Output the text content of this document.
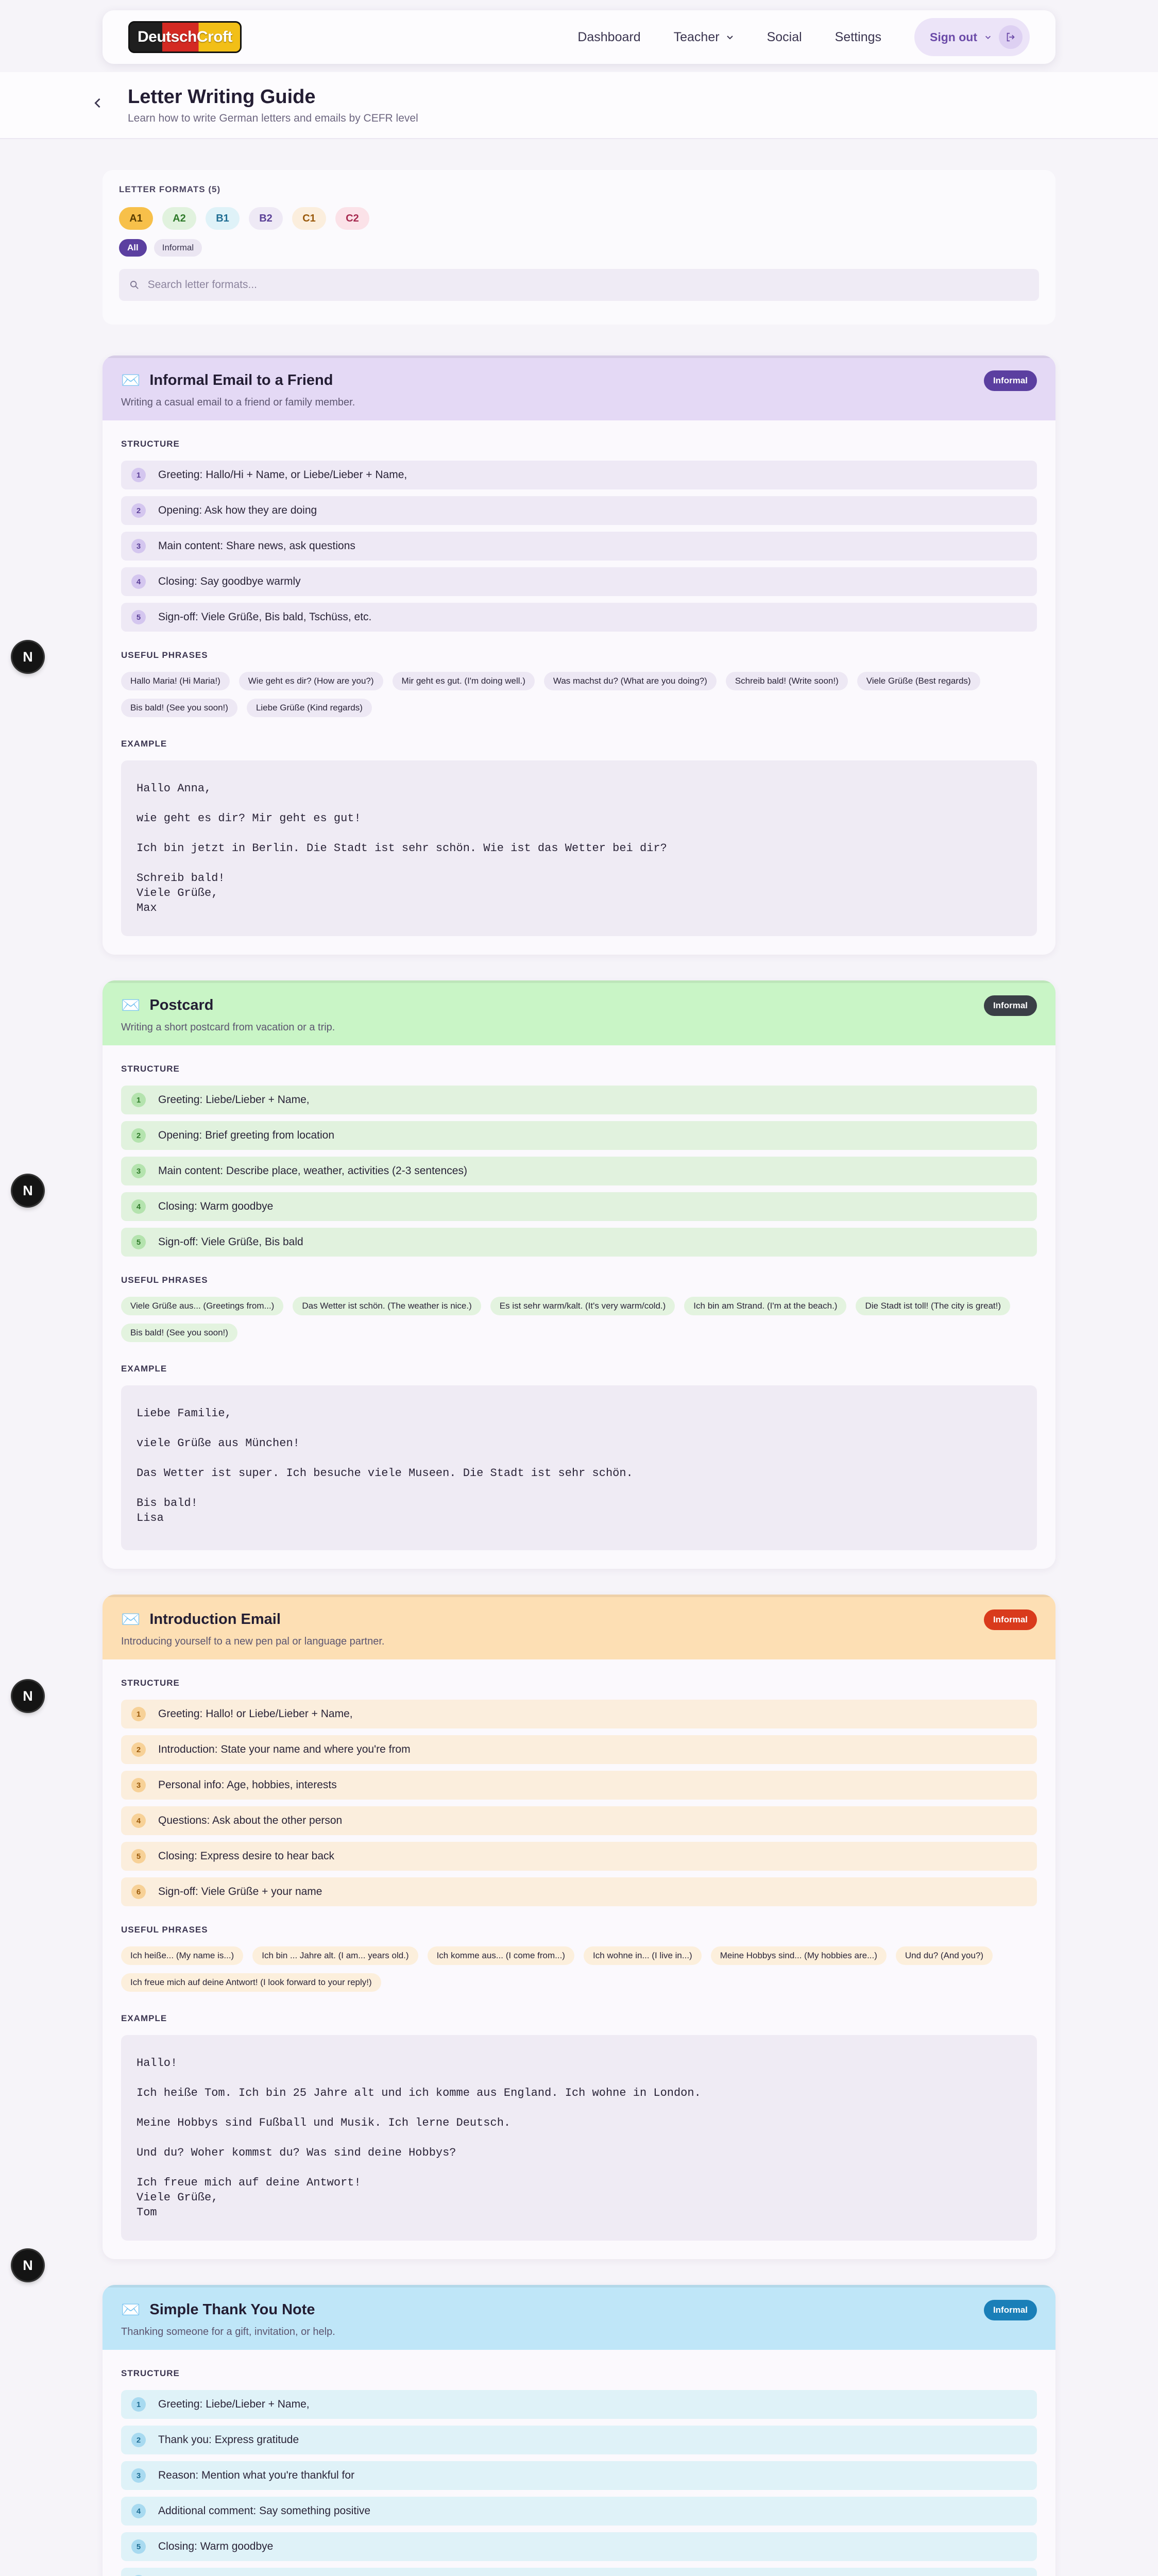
DeutschCroft	Dashboard	Teacher	Social	Settings	Sign out
Letter Writing Guide
Learn how to write German letters and emails by CEFR level
LETTER FORMATS (5)
A1	A2	B1	B2	C1	C2
All	Informal
Search letter formats...
✉️ Informal Email to a Friend
Writing a casual email to a friend or family member.
Informal
STRUCTURE
1	Greeting: Hallo/Hi + Name, or Liebe/Lieber + Name,
2	Opening: Ask how they are doing
3	Main content: Share news, ask questions
4	Closing: Say goodbye warmly
5	Sign-off: Viele Grüße, Bis bald, Tschüss, etc.
USEFUL PHRASES
Hallo Maria! (Hi Maria!)	Wie geht es dir? (How are you?)	Mir geht es gut. (I'm doing well.)	Was machst du? (What are you doing?)	Schreib bald! (Write soon!)	Viele Grüße (Best regards)
Bis bald! (See you soon!)	Liebe Grüße (Kind regards)
EXAMPLE
Hallo Anna,

wie geht es dir? Mir geht es gut!

Ich bin jetzt in Berlin. Die Stadt ist sehr schön. Wie ist das Wetter bei dir?

Schreib bald!
Viele Grüße,
Max
✉️ Postcard
Writing a short postcard from vacation or a trip.
Informal
STRUCTURE
1	Greeting: Liebe/Lieber + Name,
2	Opening: Brief greeting from location
3	Main content: Describe place, weather, activities (2-3 sentences)
4	Closing: Warm goodbye
5	Sign-off: Viele Grüße, Bis bald
USEFUL PHRASES
Viele Grüße aus... (Greetings from...)	Das Wetter ist schön. (The weather is nice.)	Es ist sehr warm/kalt. (It's very warm/cold.)	Ich bin am Strand. (I'm at the beach.)	Die Stadt ist toll! (The city is great!)
Bis bald! (See you soon!)
EXAMPLE
Liebe Familie,

viele Grüße aus München!

Das Wetter ist super. Ich besuche viele Museen. Die Stadt ist sehr schön.

Bis bald!
Lisa
✉️ Introduction Email
Introducing yourself to a new pen pal or language partner.
Informal
STRUCTURE
1	Greeting: Hallo! or Liebe/Lieber + Name,
2	Introduction: State your name and where you're from
3	Personal info: Age, hobbies, interests
4	Questions: Ask about the other person
5	Closing: Express desire to hear back
6	Sign-off: Viele Grüße + your name
USEFUL PHRASES
Ich heiße... (My name is...)	Ich bin ... Jahre alt. (I am... years old.)	Ich komme aus... (I come from...)	Ich wohne in... (I live in...)	Meine Hobbys sind... (My hobbies are...)	Und du? (And you?)
Ich freue mich auf deine Antwort! (I look forward to your reply!)
EXAMPLE
Hallo!

Ich heiße Tom. Ich bin 25 Jahre alt und ich komme aus England. Ich wohne in London.

Meine Hobbys sind Fußball und Musik. Ich lerne Deutsch.

Und du? Woher kommst du? Was sind deine Hobbys?

Ich freue mich auf deine Antwort!
Viele Grüße,
Tom
✉️ Simple Thank You Note
Thanking someone for a gift, invitation, or help.
Informal
STRUCTURE
1	Greeting: Liebe/Lieber + Name,
2	Thank you: Express gratitude
3	Reason: Mention what you're thankful for
4	Additional comment: Say something positive
5	Closing: Warm goodbye
N
N
N
N
